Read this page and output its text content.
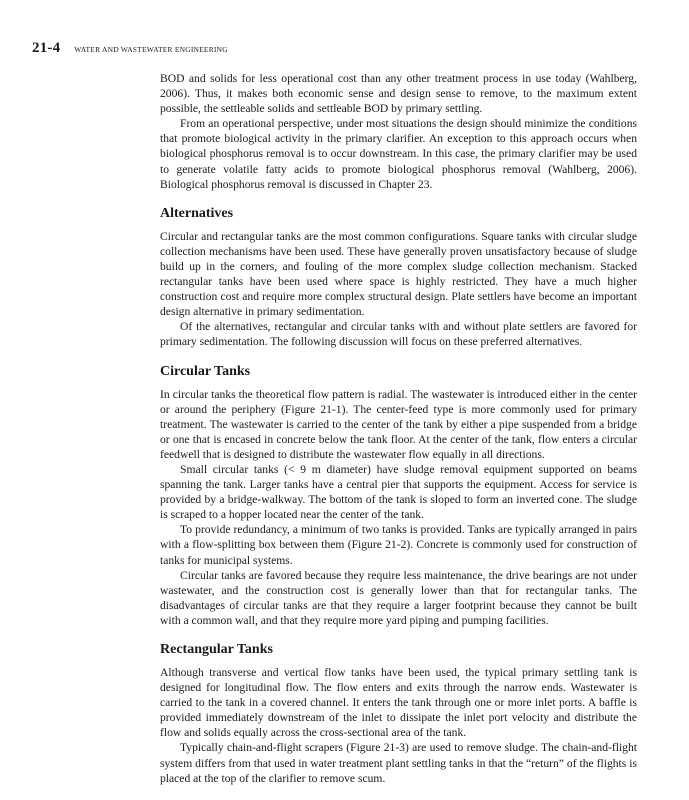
21-4 WATER AND WASTEWATER ENGINEERING

BOD and solids for less operational cost than any other treatment process in use today (Wahlberg, 2006). Thus, it makes both economic sense and design sense to remove, to the maximum extent possible, the settleable solids and settleable BOD by primary settling.

From an operational perspective, under most situations the design should minimize the conditions that promote biological activity in the primary clarifier. An exception to this approach occurs when biological phosphorus removal is to occur downstream. In this case, the primary clarifier may be used to generate volatile fatty acids to promote biological phosphorus removal (Wahlberg, 2006). Biological phosphorus removal is discussed in Chapter 23.

Alternatives

Circular and rectangular tanks are the most common configurations. Square tanks with circular sludge collection mechanisms have been used. These have generally proven unsatisfactory because of sludge build up in the corners, and fouling of the more complex sludge collection mechanism. Stacked rectangular tanks have been used where space is highly restricted. They have a much higher construction cost and require more complex structural design. Plate settlers have become an important design alternative in primary sedimentation.

Of the alternatives, rectangular and circular tanks with and without plate settlers are favored for primary sedimentation. The following discussion will focus on these preferred alternatives.

Circular Tanks

In circular tanks the theoretical flow pattern is radial. The wastewater is introduced either in the center or around the periphery (Figure 21-1). The center-feed type is more commonly used for primary treatment. The wastewater is carried to the center of the tank by either a pipe suspended from a bridge or one that is encased in concrete below the tank floor. At the center of the tank, flow enters a circular feedwell that is designed to distribute the wastewater flow equally in all directions.

Small circular tanks (< 9 m diameter) have sludge removal equipment supported on beams spanning the tank. Larger tanks have a central pier that supports the equipment. Access for service is provided by a bridge-walkway. The bottom of the tank is sloped to form an inverted cone. The sludge is scraped to a hopper located near the center of the tank.

To provide redundancy, a minimum of two tanks is provided. Tanks are typically arranged in pairs with a flow-splitting box between them (Figure 21-2). Concrete is commonly used for construction of tanks for municipal systems.

Circular tanks are favored because they require less maintenance, the drive bearings are not under wastewater, and the construction cost is generally lower than that for rectangular tanks. The disadvantages of circular tanks are that they require a larger footprint because they cannot be built with a common wall, and that they require more yard piping and pumping facilities.

Rectangular Tanks

Although transverse and vertical flow tanks have been used, the typical primary settling tank is designed for longitudinal flow. The flow enters and exits through the narrow ends. Wastewater is carried to the tank in a covered channel. It enters the tank through one or more inlet ports. A baffle is provided immediately downstream of the inlet to dissipate the inlet port velocity and distribute the flow and solids equally across the cross-sectional area of the tank.

Typically chain-and-flight scrapers (Figure 21-3) are used to remove sludge. The chain-and-flight system differs from that used in water treatment plant settling tanks in that the “return” of the flights is placed at the top of the clarifier to remove scum.
